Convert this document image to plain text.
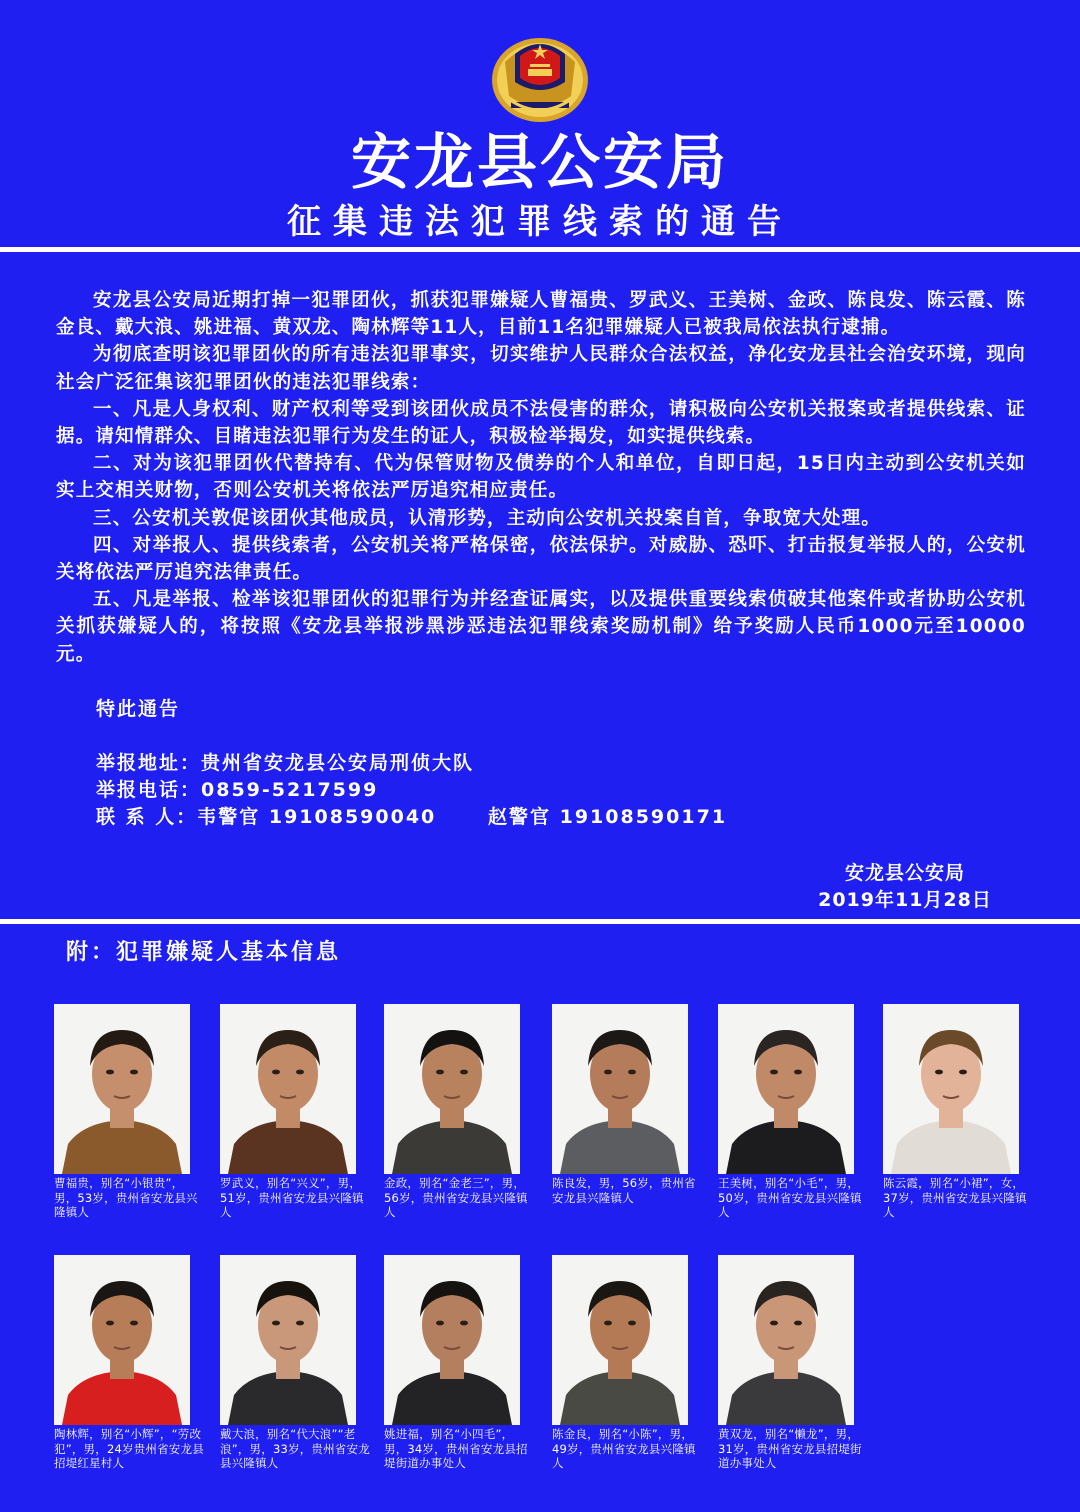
安龙县公安局
征集违法犯罪线索的通告

安龙县公安局近期打掉一犯罪团伙，抓获犯罪嫌疑人曹福贵、罗武义、王美树、金政、陈良发、陈云霞、陈金良、戴大浪、姚进福、黄双龙、陶林辉等11人，目前11名犯罪嫌疑人已被我局依法执行逮捕。

为彻底查明该犯罪团伙的所有违法犯罪事实，切实维护人民群众合法权益，净化安龙县社会治安环境，现向社会广泛征集该犯罪团伙的违法犯罪线索：

一、凡是人身权利、财产权利等受到该团伙成员不法侵害的群众，请积极向公安机关报案或者提供线索、证据。请知情群众、目睹违法犯罪行为发生的证人，积极检举揭发，如实提供线索。

二、对为该犯罪团伙代替持有、代为保管财物及债券的个人和单位，自即日起，15日内主动到公安机关如实上交相关财物，否则公安机关将依法严厉追究相应责任。

三、公安机关敦促该团伙其他成员，认清形势，主动向公安机关投案自首，争取宽大处理。

四、对举报人、提供线索者，公安机关将严格保密，依法保护。对威胁、恐吓、打击报复举报人的，公安机关将依法严厉追究法律责任。

五、凡是举报、检举该犯罪团伙的犯罪行为并经查证属实，以及提供重要线索侦破其他案件或者协助公安机关抓获嫌疑人的，将按照《安龙县举报涉黑涉恶违法犯罪线索奖励机制》给予奖励人民币1000元至10000元。

特此通告
举报地址：贵州省安龙县公安局刑侦大队
举报电话：0859-5217599
联 系 人：韦警官 19108590040	赵警官 19108590171
安龙县公安局
2019年11月28日
附：犯罪嫌疑人基本信息
曹福贵，别名“小银贵”，男，53岁，贵州省安龙县兴隆镇人
罗武义，别名“兴义”，男，51岁，贵州省安龙县兴隆镇人
金政，别名“金老三”，男，56岁，贵州省安龙县兴隆镇人
陈良发，男，56岁，贵州省安龙县兴隆镇人
王美树，别名“小毛”，男，50岁，贵州省安龙县兴隆镇人
陈云霞，别名“小裙”，女，37岁，贵州省安龙县兴隆镇人
陶林辉，别名“小辉”，“劳改犯”，男，24岁贵州省安龙县招堤红星村人
戴大浪，别名“代大浪”“老浪”，男，33岁，贵州省安龙县兴隆镇人
姚进福，别名“小四毛”，男，34岁，贵州省安龙县招堤街道办事处人
陈金良，别名“小陈”，男，49岁，贵州省安龙县兴隆镇人
黄双龙，别名“懒龙”，男，31岁，贵州省安龙县招堤街道办事处人
